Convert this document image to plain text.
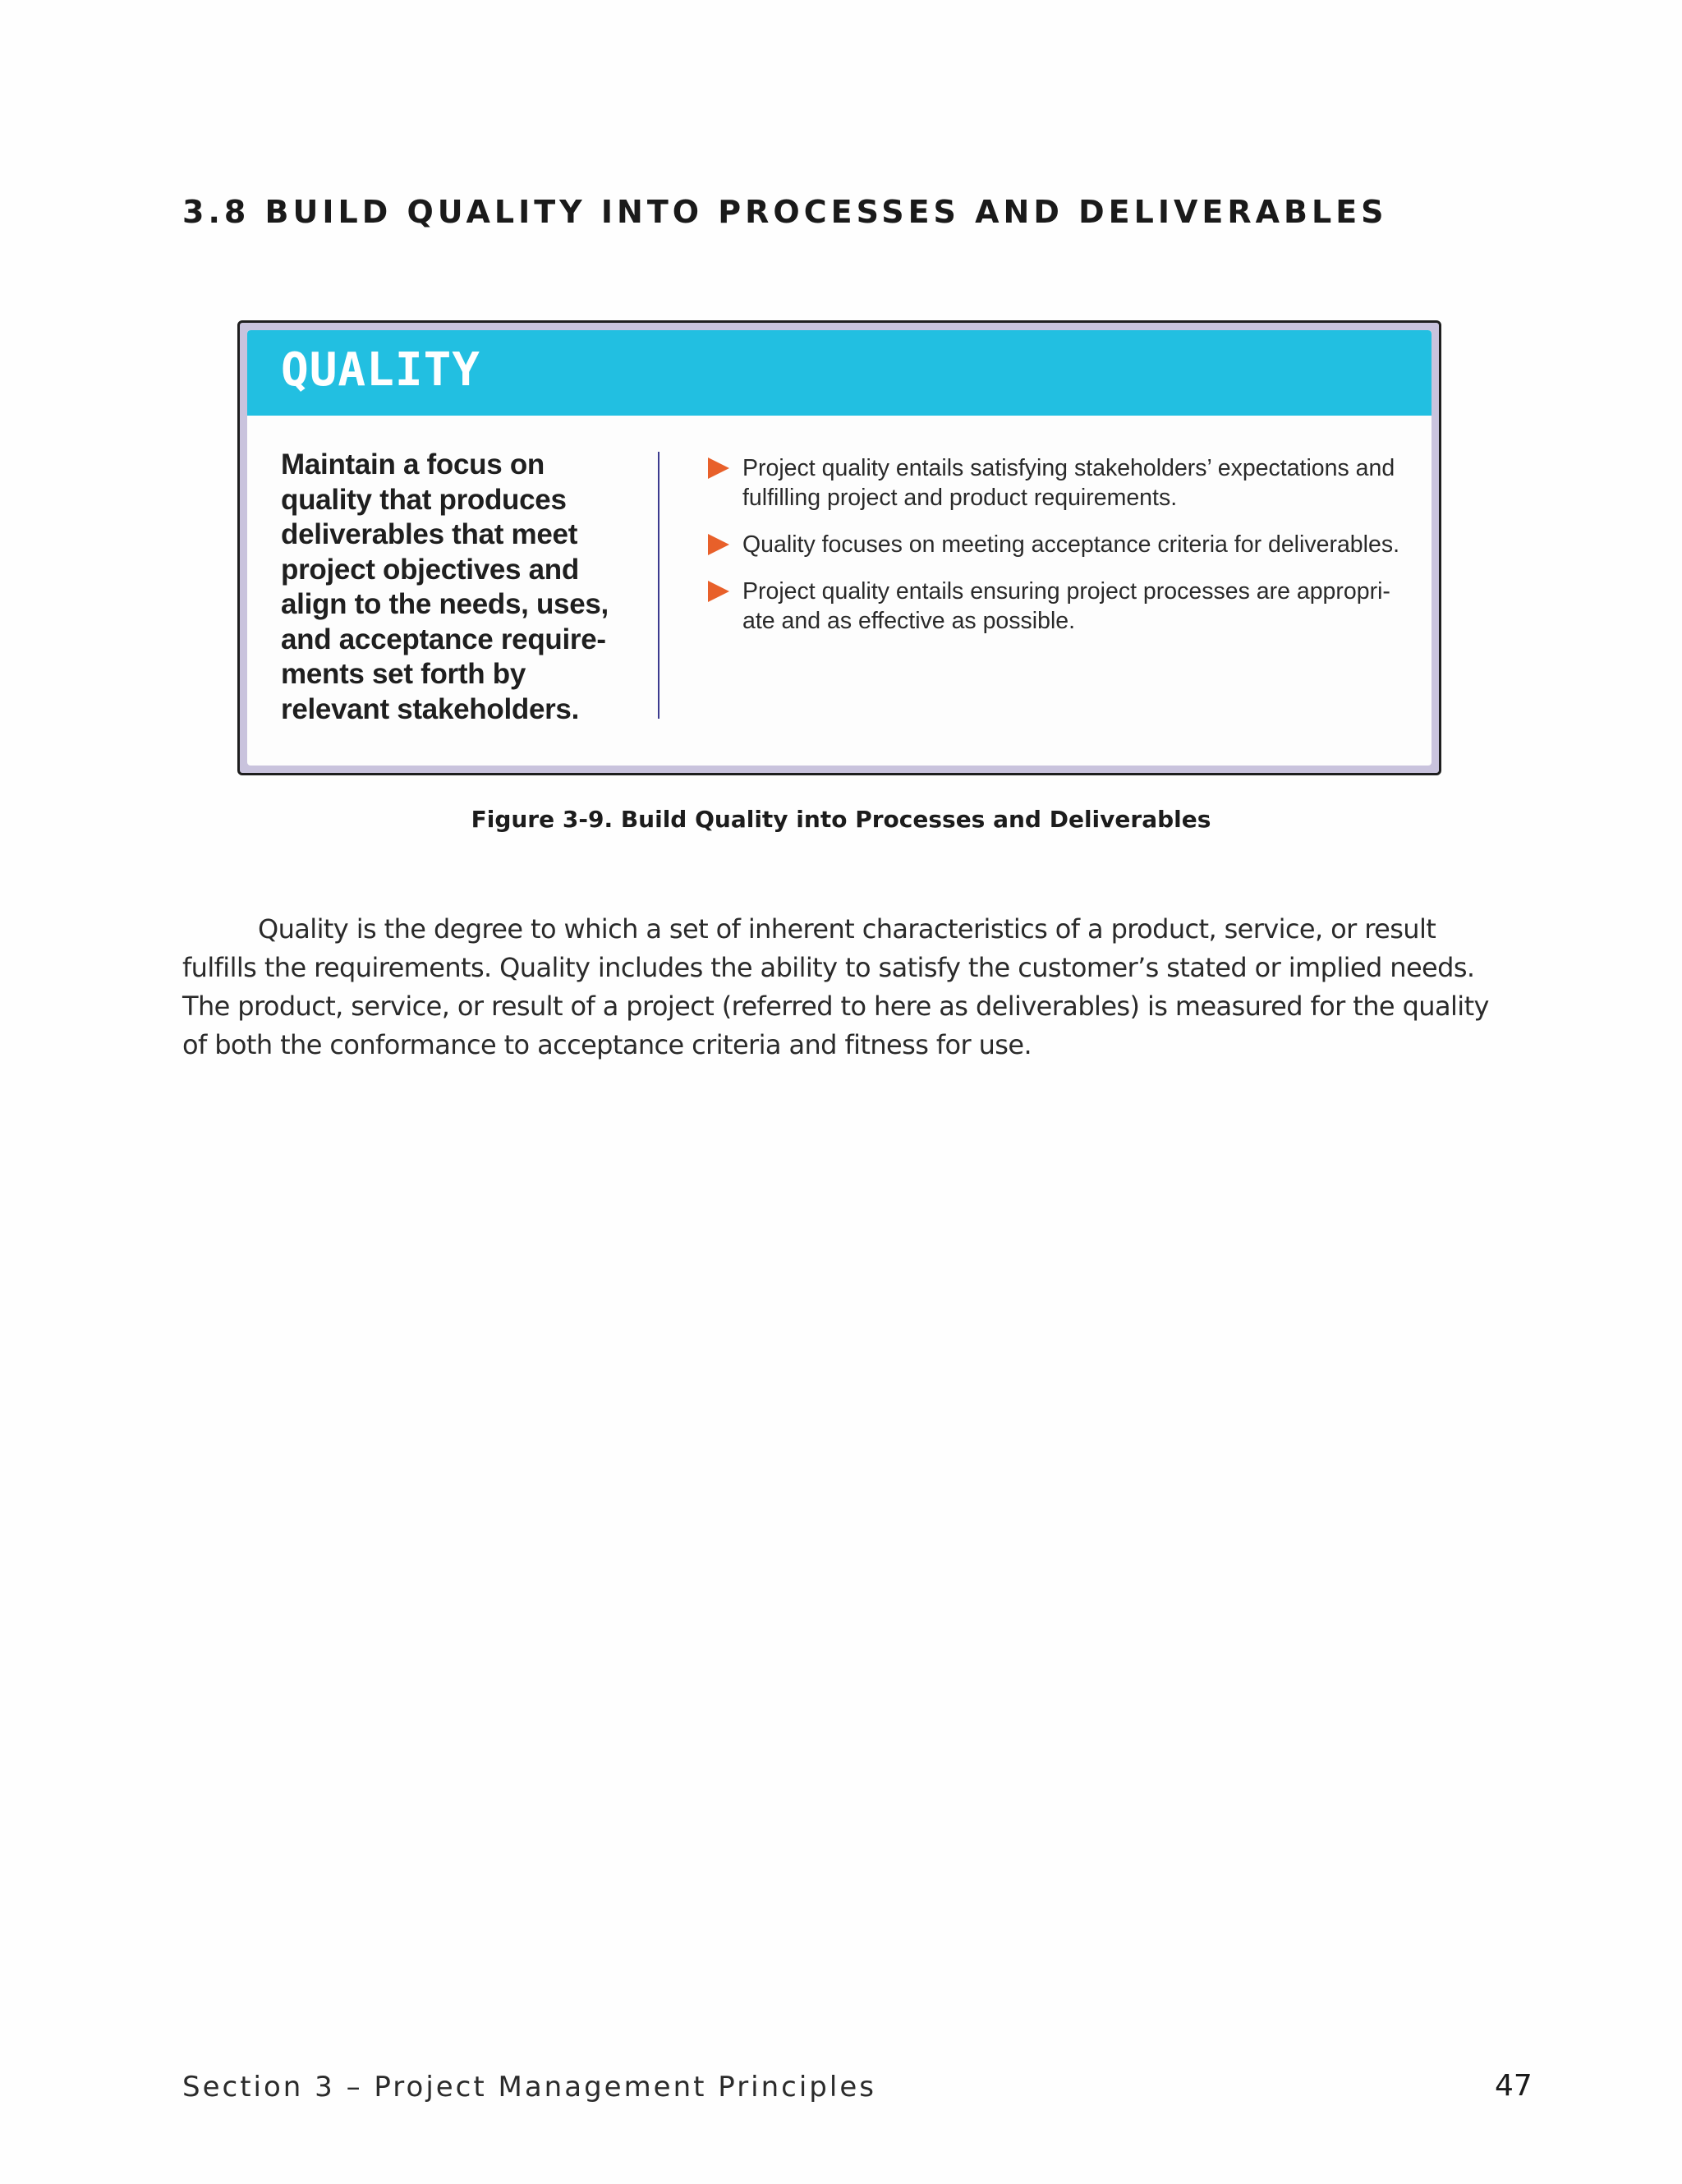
3.8 BUILD QUALITY INTO PROCESSES AND DELIVERABLES
QUALITY
Maintain a focus on quality that produces deliverables that meet project objectives and align to the needs, uses, and acceptance require-ments set forth by relevant stakeholders.
Project quality entails satisfying stakeholders’ expectations and fulfilling project and product requirements.
Quality focuses on meeting acceptance criteria for deliverables.
Project quality entails ensuring project processes are appropri-ate and as effective as possible.
Figure 3-9. Build Quality into Processes and Deliverables

Quality is the degree to which a set of inherent characteristics of a product, service, or result fulfills the requirements. Quality includes the ability to satisfy the customer’s stated or implied needs. The product, service, or result of a project (referred to here as deliverables) is measured for the quality of both the conformance to acceptance criteria and fitness for use.

Section 3 – Project Management Principles	47
